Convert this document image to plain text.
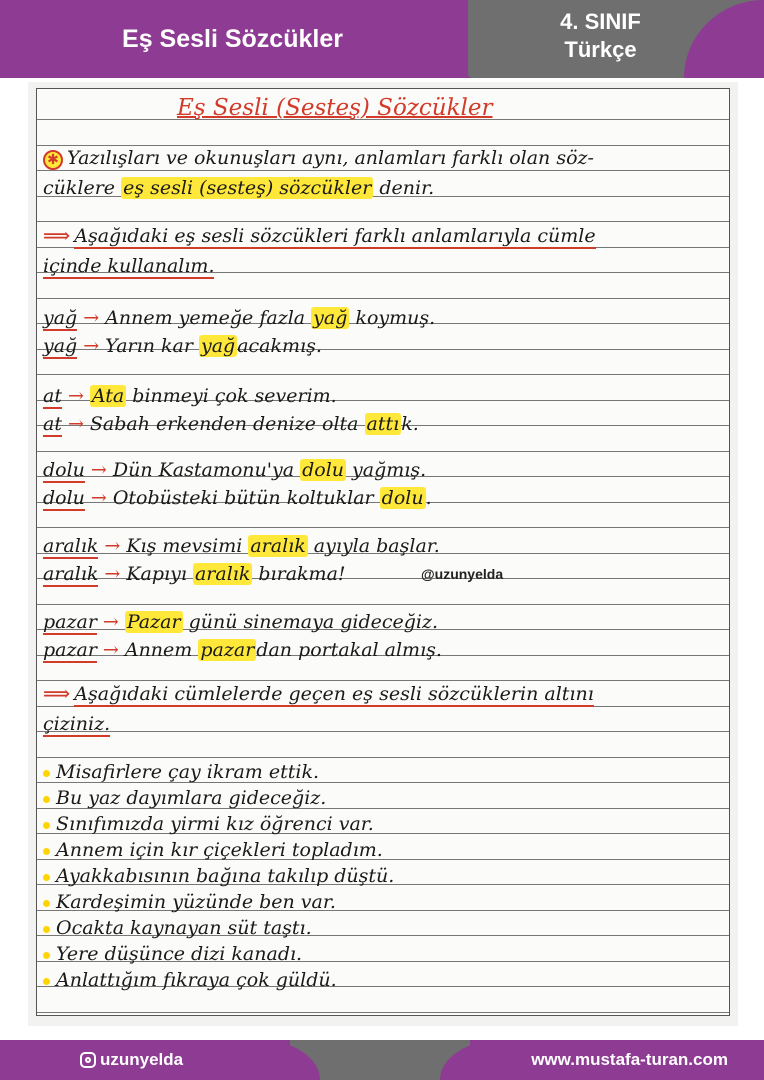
Eş Sesli Sözcükler
4. SINIF
Türkçe
Eş Sesli (Sesteş) Sözcükler
✱ Yazılışları ve okunuşları aynı, anlamları farklı olan söz-
cüklere eş sesli (sesteş) sözcükler denir.
⟹ Aşağıdaki eş sesli sözcükleri farklı anlamlarıyla cümle
içinde kullanalım.
yağ → Annem yemeğe fazla yağ koymuş.
yağ → Yarın kar yağ acakmış.
at → Ata binmeyi çok severim.
at → Sabah erkenden denize olta attı k.
dolu → Dün Kastamonu'ya dolu yağmış.
dolu → Otobüsteki bütün koltuklar dolu .
aralık → Kış mevsimi aralık ayıyla başlar.
aralık → Kapıyı aralık bırakma!
pazar → Pazar günü sinemaya gideceğiz.
pazar → Annem pazar dan portakal almış.
⟹ Aşağıdaki cümlelerde geçen eş sesli sözcüklerin altını
çiziniz.
Misafirlere çay ikram ettik.
Bu yaz dayımlara gideceğiz.
Sınıfımızda yirmi kız öğrenci var.
Annem için kır çiçekleri topladım.
Ayakkabısının bağına takılıp düştü.
Kardeşimin yüzünde ben var.
Ocakta kaynayan süt taştı.
Yere düşünce dizi kanadı.
Anlattığım fıkraya çok güldü.
@uzunyelda
uzunyelda	www.mustafa-turan.com
